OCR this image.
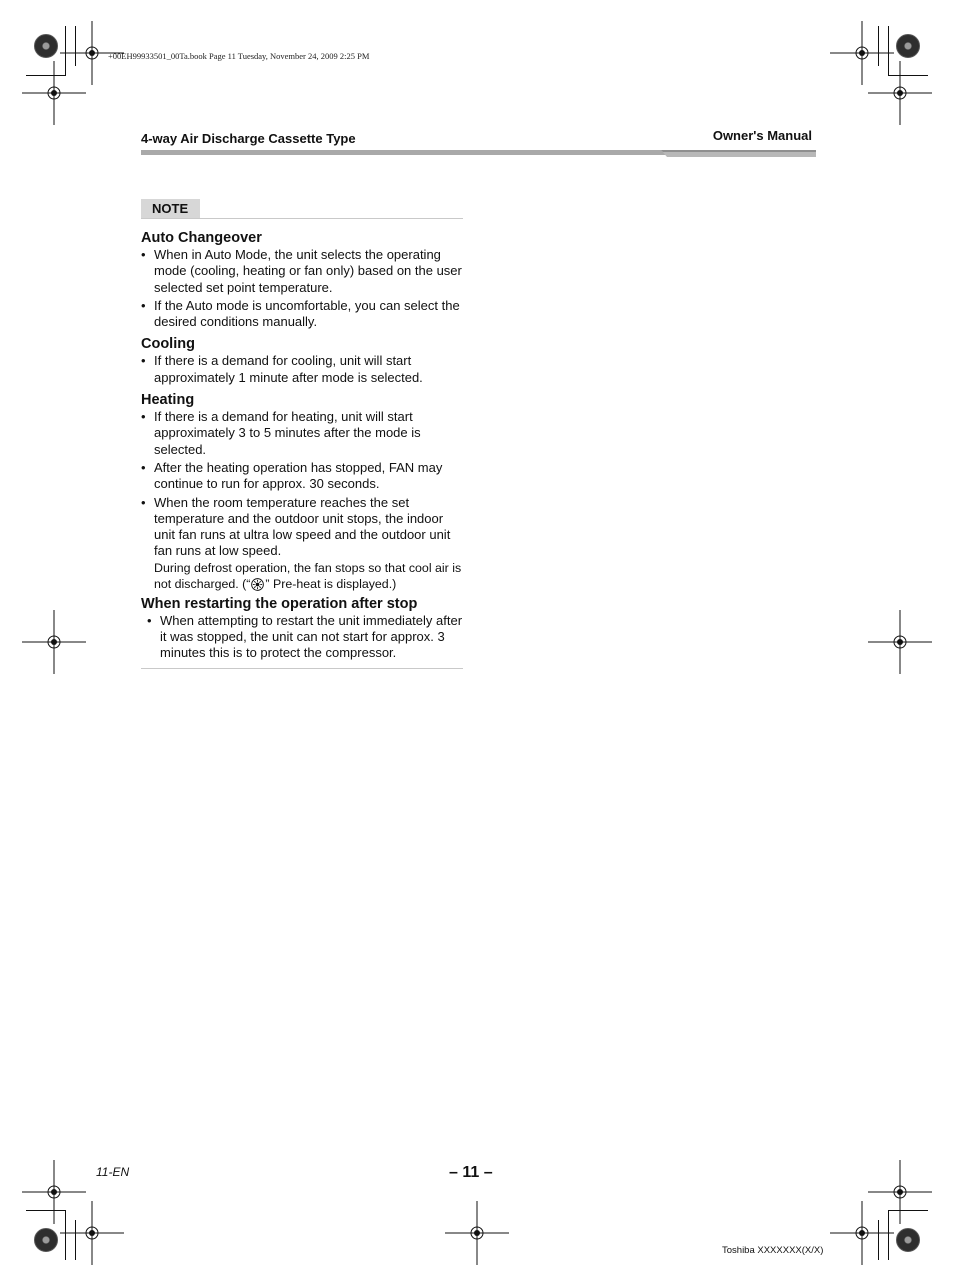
+00EH99933501_00Ta.book Page 11 Tuesday, November 24, 2009 2:25 PM
4-way Air Discharge Cassette Type	Owner's Manual
NOTE
Auto Changeover
• When in Auto Mode, the unit selects the operating mode (cooling, heating or fan only) based on the user selected set point temperature.
• If the Auto mode is uncomfortable, you can select the desired conditions manually.
Cooling
• If there is a demand for cooling, unit will start approximately 1 minute after mode is selected.
Heating
• If there is a demand for heating, unit will start approximately 3 to 5 minutes after the mode is selected.
• After the heating operation has stopped, FAN may continue to run for approx. 30 seconds.
• When the room temperature reaches the set temperature and the outdoor unit stops, the indoor unit fan runs at ultra low speed and the outdoor unit fan runs at low speed.
During defrost operation, the fan stops so that cool air is not discharged. (“ ” Pre-heat is displayed.)
When restarting the operation after stop
• When attempting to restart the unit immediately after it was stopped, the unit can not start for approx. 3 minutes this is to protect the compressor.
11-EN	– 11 –
Toshiba XXXXXXX(X/X)
